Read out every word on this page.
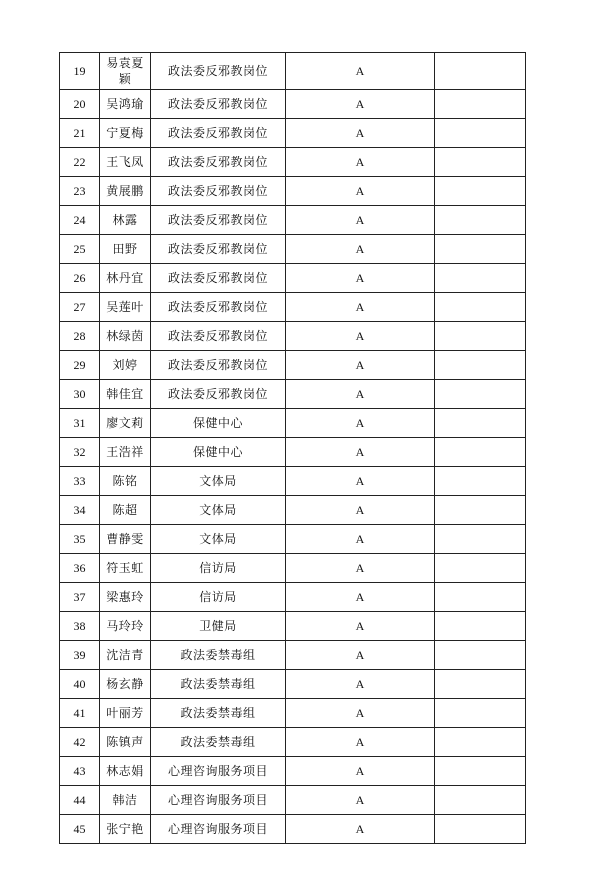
19	易袁夏颖	政法委反邪教岗位	A	
20	吴鸿瑜	政法委反邪教岗位	A	
21	宁夏梅	政法委反邪教岗位	A	
22	王飞凤	政法委反邪教岗位	A	
23	黄展鹏	政法委反邪教岗位	A	
24	林露	政法委反邪教岗位	A	
25	田野	政法委反邪教岗位	A	
26	林丹宜	政法委反邪教岗位	A	
27	吴莲叶	政法委反邪教岗位	A	
28	林绿茵	政法委反邪教岗位	A	
29	刘婷	政法委反邪教岗位	A	
30	韩佳宜	政法委反邪教岗位	A	
31	廖文莉	保健中心	A	
32	王浩祥	保健中心	A	
33	陈铭	文体局	A	
34	陈超	文体局	A	
35	曹静雯	文体局	A	
36	符玉虹	信访局	A	
37	梁惠玲	信访局	A	
38	马玲玲	卫健局	A	
39	沈洁青	政法委禁毒组	A	
40	杨玄静	政法委禁毒组	A	
41	叶丽芳	政法委禁毒组	A	
42	陈镇声	政法委禁毒组	A	
43	林志娟	心理咨询服务项目	A	
44	韩洁	心理咨询服务项目	A	
45	张宁艳	心理咨询服务项目	A	
